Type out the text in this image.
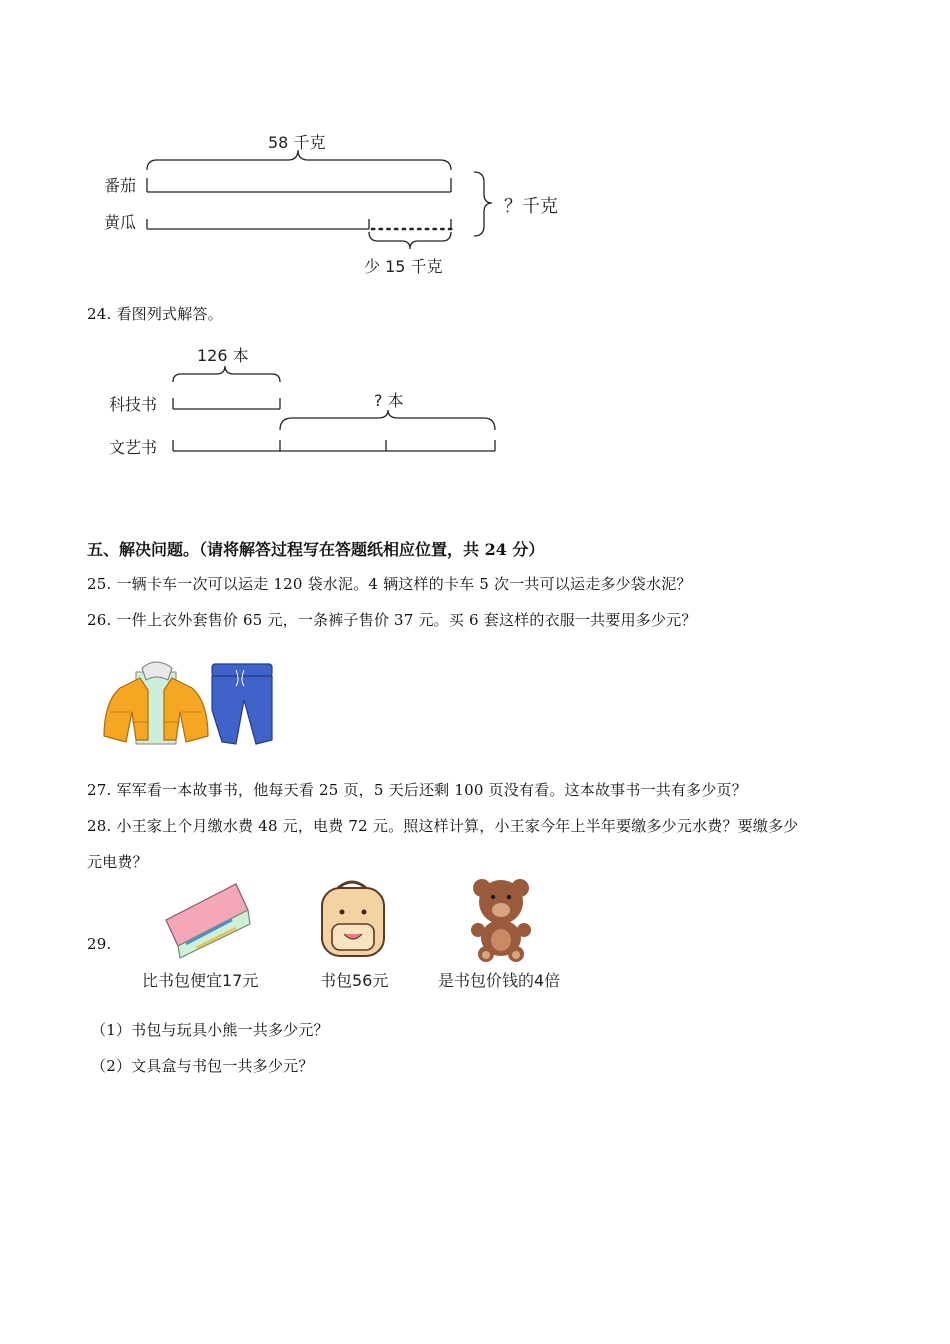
58 千克
番茄
黄瓜
？千克
少 15 千克
24. 看图列式解答。
126 本
? 本
科技书
文艺书
五、解决问题。（请将解答过程写在答题纸相应位置，共 24 分）
25. 一辆卡车一次可以运走 120 袋水泥。4 辆这样的卡车 5 次一共可以运走多少袋水泥？
26. 一件上衣外套售价 65 元，一条裤子售价 37 元。买 6 套这样的衣服一共要用多少元？
27. 军军看一本故事书，他每天看 25 页，5 天后还剩 100 页没有看。这本故事书一共有多少页？
28. 小王家上个月缴水费 48 元，电费 72 元。照这样计算，小王家今年上半年要缴多少元水费？要缴多少
元电费？
29.
比书包便宜17元	书包56元	是书包价钱的4倍
（1）书包与玩具小熊一共多少元？
（2）文具盒与书包一共多少元？
